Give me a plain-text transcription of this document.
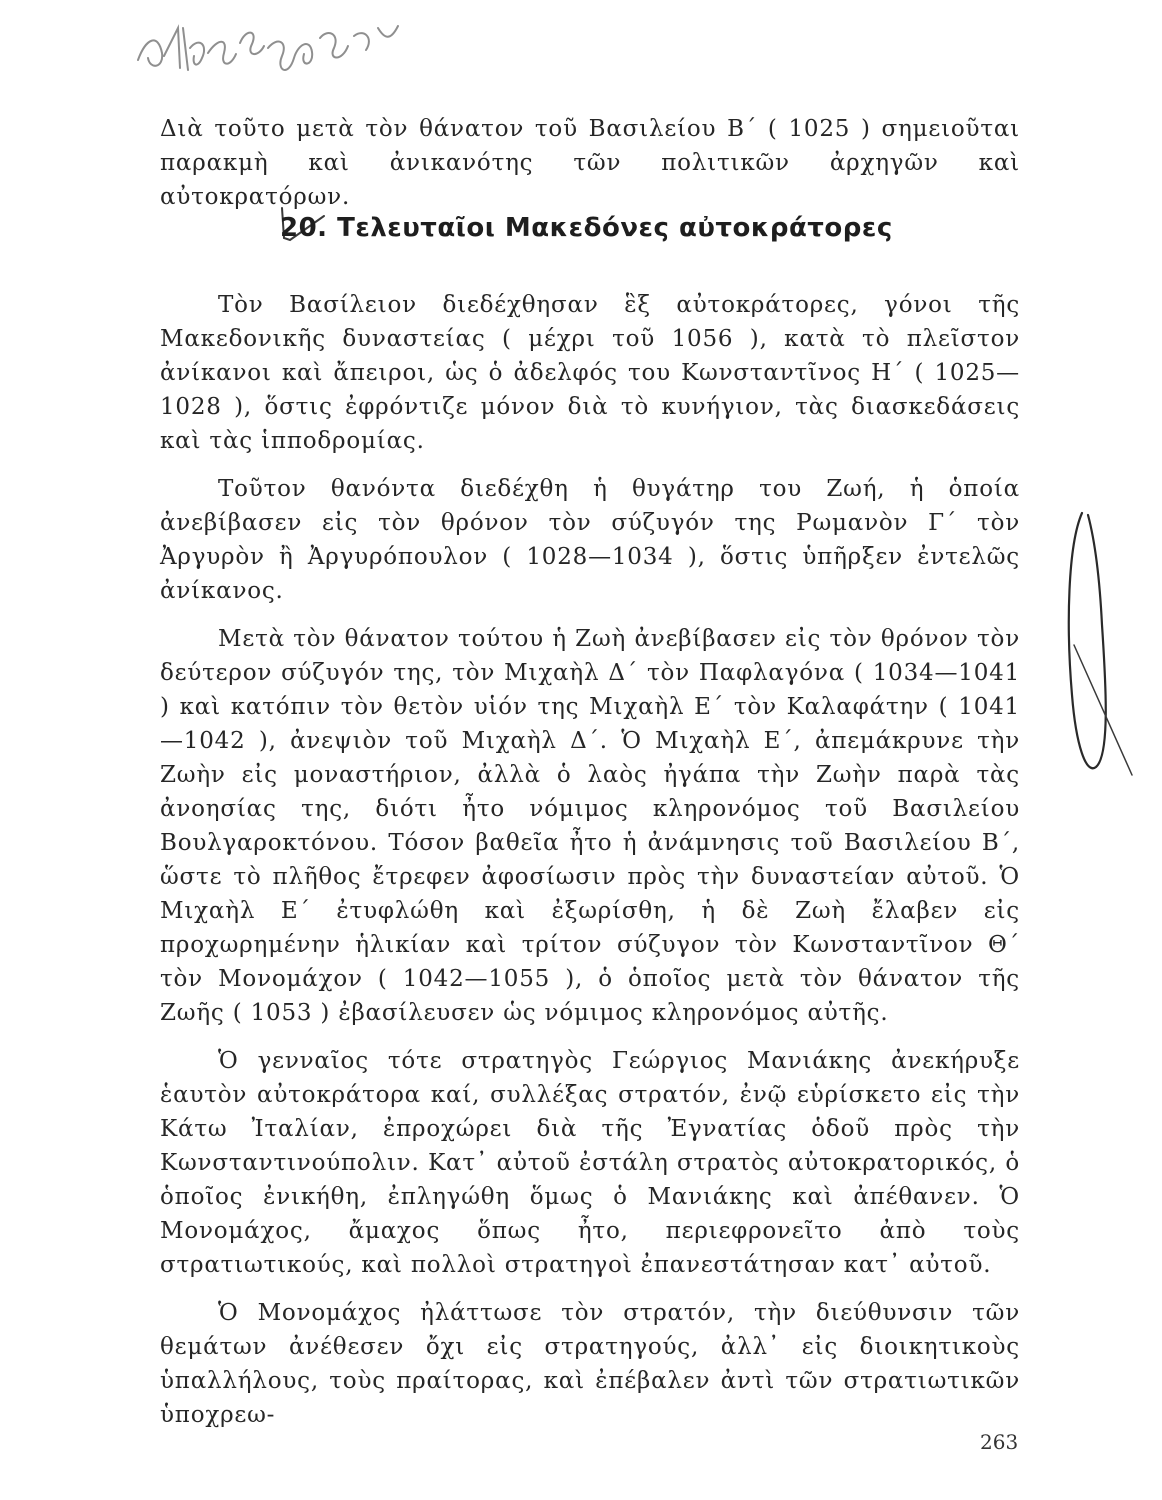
Διὰ τοῦτο μετὰ τὸν θάνατον τοῦ Βασιλείου Β΄ ( 1025 ) σημειοῦται παρακμὴ καὶ ἀνικανότης τῶν πολιτικῶν ἀρχηγῶν καὶ αὐτοκρατόρων.

20. Τελευταῖοι Μακεδόνες αὐτοκράτορες

Τὸν Βασίλειον διεδέχθησαν ἓξ αὐτοκράτορες, γόνοι τῆς Μακεδονικῆς δυναστείας ( μέχρι τοῦ 1056 ), κατὰ τὸ πλεῖστον ἀνίκανοι καὶ ἄπειροι, ὡς ὁ ἀδελφός του Κωνσταντῖνος Η΄ ( 1025—1028 ), ὅστις ἐφρόντιζε μόνον διὰ τὸ κυνήγιον, τὰς διασκεδάσεις καὶ τὰς ἱπποδρομίας.

Τοῦτον θανόντα διεδέχθη ἡ θυγάτηρ του Ζωή, ἡ ὁποία ἀνεβίβασεν εἰς τὸν θρόνον τὸν σύζυγόν της Ρωμανὸν Γ΄ τὸν Ἀργυρὸν ἢ Ἀργυρόπουλον ( 1028—1034 ), ὅστις ὑπῆρξεν ἐντελῶς ἀνίκανος.

Μετὰ τὸν θάνατον τούτου ἡ Ζωὴ ἀνεβίβασεν εἰς τὸν θρόνον τὸν δεύτερον σύζυγόν της, τὸν Μιχαὴλ Δ΄ τὸν Παφλαγόνα ( 1034—1041 ) καὶ κατόπιν τὸν θετὸν υἱόν της Μιχαὴλ Ε΄ τὸν Καλαφάτην ( 1041—1042 ), ἀνεψιὸν τοῦ Μιχαὴλ Δ΄. Ὁ Μιχαὴλ Ε΄, ἀπεμάκρυνε τὴν Ζωὴν εἰς μοναστήριον, ἀλλὰ ὁ λαὸς ἠγάπα τὴν Ζωὴν παρὰ τὰς ἀνοησίας της, διότι ἦτο νόμιμος κληρονόμος τοῦ Βασιλείου Βουλγαροκτόνου. Τόσον βαθεῖα ἦτο ἡ ἀνάμνησις τοῦ Βασιλείου Β΄, ὥστε τὸ πλῆθος ἔτρεφεν ἀφοσίωσιν πρὸς τὴν δυναστείαν αὐτοῦ. Ὁ Μιχαὴλ Ε΄ ἐτυφλώθη καὶ ἐξωρίσθη, ἡ δὲ Ζωὴ ἔλαβεν εἰς προχωρημένην ἡλικίαν καὶ τρίτον σύζυγον τὸν Κωνσταντῖνον Θ΄ τὸν Μονομάχον ( 1042—1055 ), ὁ ὁποῖος μετὰ τὸν θάνατον τῆς Ζωῆς ( 1053 ) ἐβασίλευσεν ὡς νόμιμος κληρονόμος αὐτῆς.

Ὁ γενναῖος τότε στρατηγὸς Γεώργιος Μανιάκης ἀνεκήρυξε ἑαυτὸν αὐτοκράτορα καί, συλλέξας στρατόν, ἐνῷ εὑρίσκετο εἰς τὴν Κάτω Ἰταλίαν, ἐπροχώρει διὰ τῆς Ἐγνατίας ὁδοῦ πρὸς τὴν Κωνσταντινούπολιν. Κατ᾿ αὐτοῦ ἐστάλη στρατὸς αὐτοκρατορικός, ὁ ὁποῖος ἐνικήθη, ἐπληγώθη ὅμως ὁ Μανιάκης καὶ ἀπέθανεν. Ὁ Μονομάχος, ἄμαχος ὅπως ἦτο, περιεφρονεῖτο ἀπὸ τοὺς στρατιωτικούς, καὶ πολλοὶ στρατηγοὶ ἐπανεστάτησαν κατ᾿ αὐτοῦ.

Ὁ Μονομάχος ἠλάττωσε τὸν στρατόν, τὴν διεύθυνσιν τῶν θεμάτων ἀνέθεσεν ὄχι εἰς στρατηγούς, ἀλλ᾿ εἰς διοικητικοὺς ὑπαλλήλους, τοὺς πραίτορας, καὶ ἐπέβαλεν ἀντὶ τῶν στρατιωτικῶν ὑποχρεω-

263
